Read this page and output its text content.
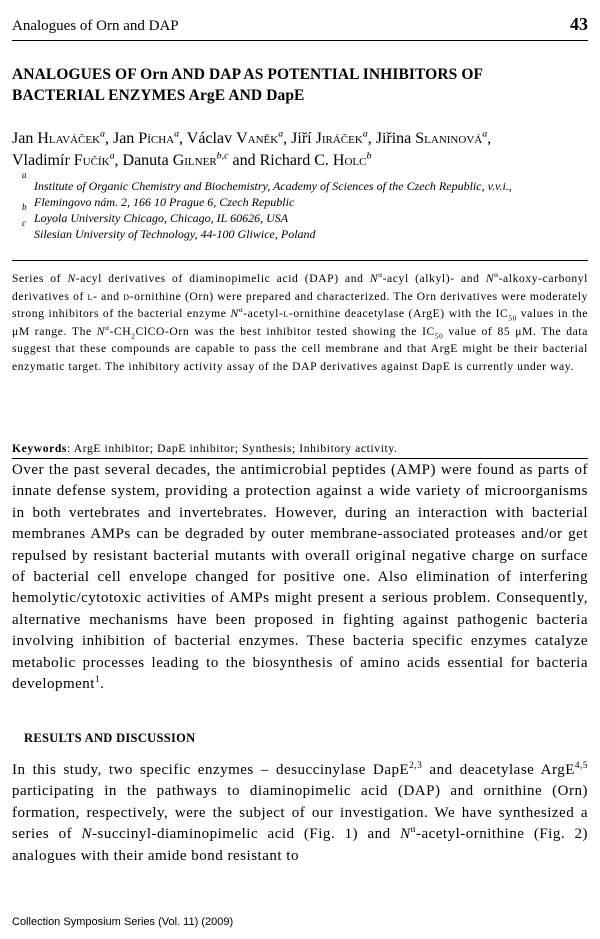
Analogues of Orn and DAP	43
ANALOGUES OF Orn AND DAP AS POTENTIAL INHIBITORS OF
BACTERIAL ENZYMES ArgE AND DapE
Jan Hlaváček$^a$, Jan Pícha$^a$, Václav Vaněk$^a$, Jiří Jiráček$^a$, Jiřina Slaninová$^a$,
Vladimír Fučík$^a$, Danuta Gilner$^{b,c}$ and Richard C. Holc$^b$
a
Institute of Organic Chemistry and Biochemistry, Academy of Sciences of the Czech Republic, v.v.i.,
Flemingovo nám. 2, 166 10 Prague 6, Czech Republic
b
Loyola University Chicago, Chicago, IL 60626, USA
c
Silesian University of Technology, 44-100 Gliwice, Poland
Series of N-acyl derivatives of diaminopimelic acid (DAP) and $N^\alpha$-acyl (alkyl)- and $N^\alpha-alkoxy$-carbonyl derivatives of l- and d-ornithine (Orn) were prepared and characterized. The Orn derivatives were moderately strong inhibitors of the bacterial enzyme $N^\alpha-acetyl-l$-ornithine deacetylase (ArgE) with the $IC_{50}$ values in the μM range. The $N^\alpha-CH_2ClCO$-Orn was the best inhibitor tested showing the $IC_{50}$ value of 85 μM. The data suggest that these compounds are capable to pass the cell membrane and that ArgE might be their bacterial enzymatic target. The inhibitory activity assay of the DAP derivatives against DapE is currently under way.
Keywords: ArgE inhibitor; DapE inhibitor; Synthesis; Inhibitory activity.
Over the past several decades, the antimicrobial peptides (AMP) were found as parts of innate defense system, providing a protection against a wide variety of microorganisms in both vertebrates and invertebrates. However, during an interaction with bacterial membranes AMPs can be degraded by outer membrane-associated proteases and/or get repulsed by resistant bacterial mutants with overall original negative charge on surface of bacterial cell envelope changed for positive one. Also elimination of interfering hemolytic/cytotoxic activities of AMPs might present a serious problem. Consequently, alternative mechanisms have been proposed in fighting against pathogenic bacteria involving inhibition of bacterial enzymes. These bacteria specific enzymes catalyze metabolic processes leading to the biosynthesis of amino acids essential for bacteria development$^1$.
RESULTS AND DISCUSSION
In this study, two specific enzymes – desuccinylase DapE$^{2,3}$ and deacetylase ArgE$^{4,5}$ participating in the pathways to diaminopimelic acid (DAP) and ornithine (Orn) formation, respectively, were the subject of our investigation. We have synthesized a series of N-succinyl-diaminopimelic acid (Fig. 1) and $N^\alpha-acetyl$-ornithine (Fig. 2) analogues with their amide bond resistant to
Collection Symposium Series (Vol. 11) (2009)
